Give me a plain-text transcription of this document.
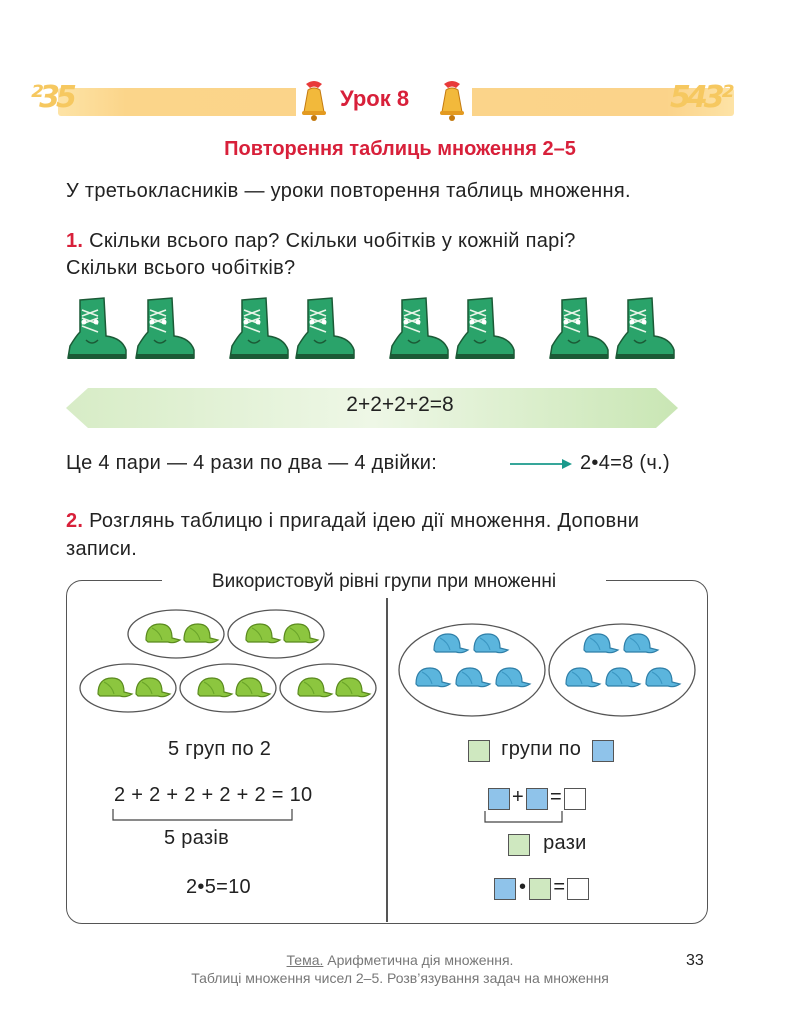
²35	543²
Урок 8
Повторення таблиць множення 2–5
У третьокласників — уроки повторення таблиць множення.
1. Скільки всього пар? Скільки чобітків у кожній парі?
Скільки всього чобітків?
2+2+2+2=8
Це 4 пари — 4 рази по два — 4 двійки:	2•4=8 (ч.)
2. Розглянь таблицю і пригадай ідею дії множення. Доповни
записи.
Використовуй рівні групи при множенні
5 груп по 2
2 + 2 + 2 + 2 + 2 = 10
5 разів
2•5=10
групи по
+ =
рази
• =
Тема. Арифметична дія множення.
Таблиці множення чисел 2–5. Розв’язування задач на множення
33
